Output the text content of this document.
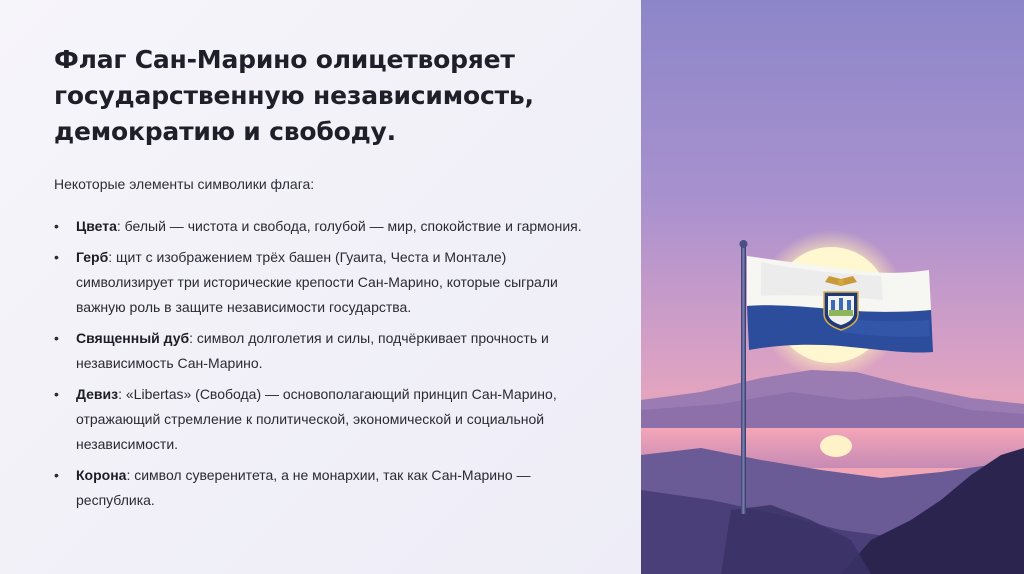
Флаг Сан-Марино олицетворяет государственную независимость, демократию и свободу.

Некоторые элементы символики флага:

• Цвета: белый — чистота и свобода, голубой — мир, спокойствие и гармония.
• Герб: щит с изображением трёх башен (Гуаита, Честа и Монтале) символизирует три исторические крепости Сан-Марино, которые сыграли важную роль в защите независимости государства.
• Священный дуб: символ долголетия и силы, подчёркивает прочность и независимость Сан-Марино.
• Девиз: «Libertas» (Свобода) — основополагающий принцип Сан-Марино, отражающий стремление к политической, экономической и социальной независимости.
• Корона: символ суверенитета, а не монархии, так как Сан-Марино — республика.
